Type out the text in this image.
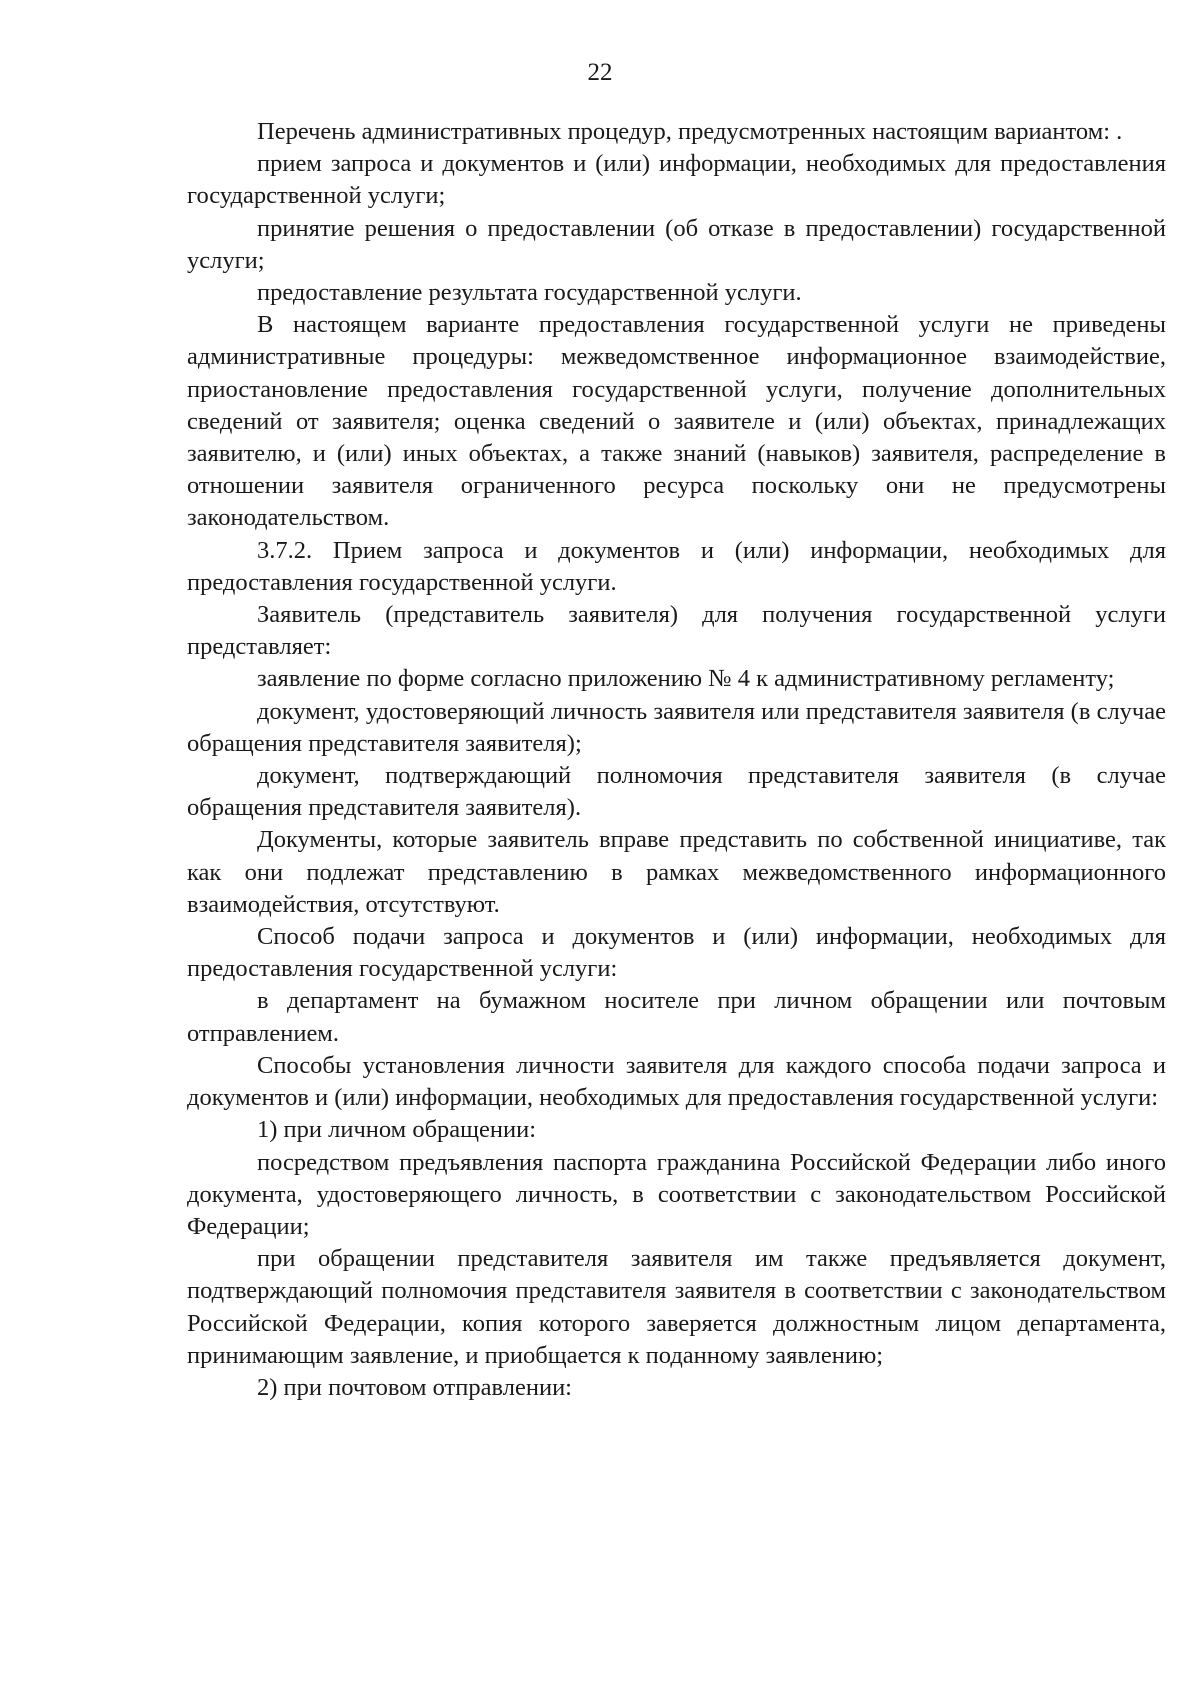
22

Перечень административных процедур, предусмотренных настоящим вариантом: .

прием запроса и документов и (или) информации, необходимых для предоставления государственной услуги;

принятие решения о предоставлении (об отказе в предоставлении) государственной услуги;

предоставление результата государственной услуги.

В настоящем варианте предоставления государственной услуги не приведены административные процедуры: межведомственное информационное взаимодействие, приостановление предоставления государственной услуги, получение дополнительных сведений от заявителя; оценка сведений о заявителе и (или) объектах, принадлежащих заявителю, и (или) иных объектах, а также знаний (навыков) заявителя, распределение в отношении заявителя ограниченного ресурса поскольку они не предусмотрены законодательством.

3.7.2. Прием запроса и документов и (или) информации, необходимых для предоставления государственной услуги.

Заявитель (представитель заявителя) для получения государственной услуги представляет:

заявление по форме согласно приложению № 4 к административному регламенту;

документ, удостоверяющий личность заявителя или представителя заявителя (в случае обращения представителя заявителя);

документ, подтверждающий полномочия представителя заявителя (в случае обращения представителя заявителя).

Документы, которые заявитель вправе представить по собственной инициативе, так как они подлежат представлению в рамках межведомственного информационного взаимодействия, отсутствуют.

Способ подачи запроса и документов и (или) информации, необходимых для предоставления государственной услуги:

в департамент на бумажном носителе при личном обращении или почтовым отправлением.

Способы установления личности заявителя для каждого способа подачи запроса и документов и (или) информации, необходимых для предоставления государственной услуги:

1) при личном обращении:

посредством предъявления паспорта гражданина Российской Федерации либо иного документа, удостоверяющего личность, в соответствии с законодательством Российской Федерации;

при обращении представителя заявителя им также предъявляется документ, подтверждающий полномочия представителя заявителя в соответствии с законодательством Российской Федерации, копия которого заверяется должностным лицом департамента, принимающим заявление, и приобщается к поданному заявлению;

2) при почтовом отправлении:
